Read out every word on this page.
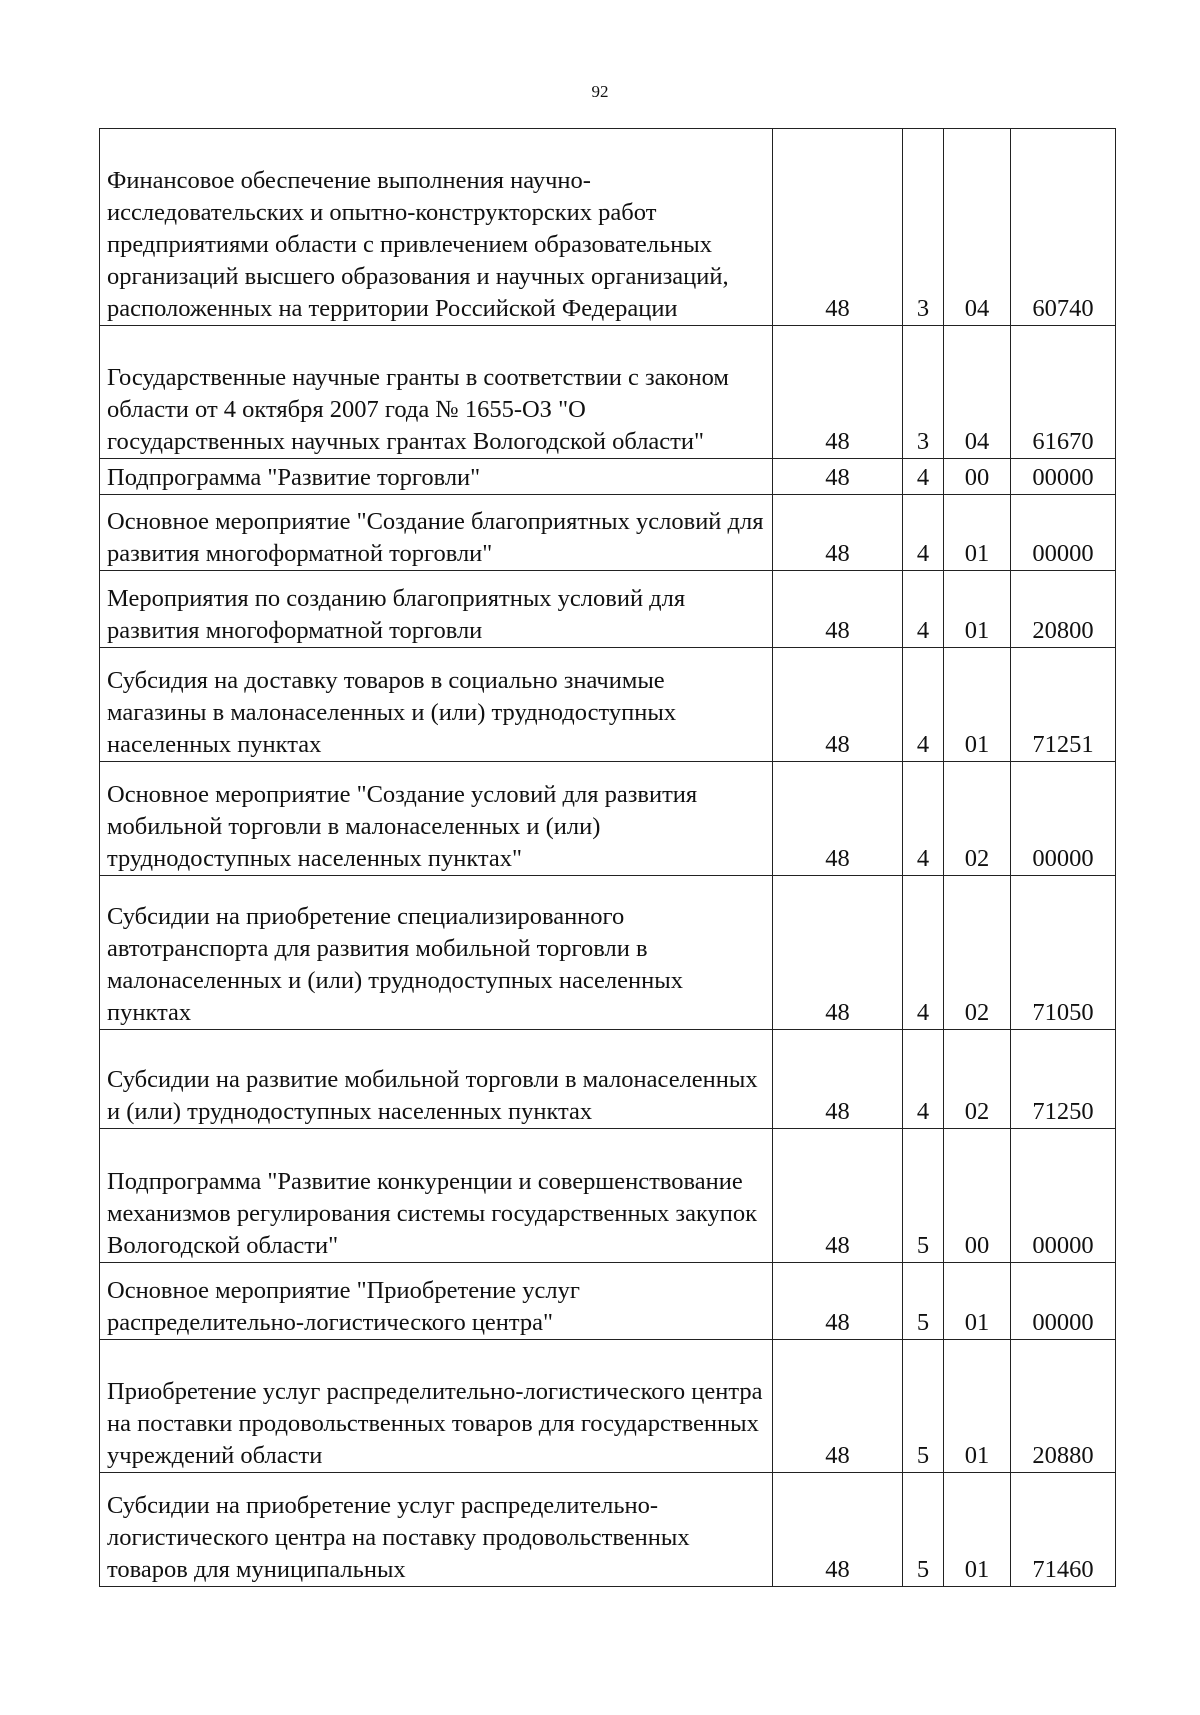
92
Финансовое обеспечение выполнения научно-исследовательских и опытно-конструкторских работ предприятиями области с привлечением образовательных организаций высшего образования и научных организаций, расположенных на территории Российской Федерации	48	3	04	60740
Государственные научные гранты в соответствии с законом области от 4 октября 2007 года № 1655-ОЗ "О государственных научных грантах Вологодской области"	48	3	04	61670
Подпрограмма "Развитие торговли"	48	4	00	00000
Основное мероприятие "Создание благоприятных условий для развития многоформатной торговли"	48	4	01	00000
Мероприятия по созданию благоприятных условий для развития многоформатной торговли	48	4	01	20800
Субсидия на доставку товаров в социально значимые магазины в малонаселенных и (или) труднодоступных населенных пунктах	48	4	01	71251
Основное мероприятие "Создание условий для развития мобильной торговли в малонаселенных и (или) труднодоступных населенных пунктах"	48	4	02	00000
Субсидии на приобретение специализированного автотранспорта для развития мобильной торговли в малонаселенных и (или) труднодоступных населенных пунктах	48	4	02	71050
Субсидии на развитие мобильной торговли в малонаселенных и (или) труднодоступных населенных пунктах	48	4	02	71250
Подпрограмма "Развитие конкуренции и совершенствование механизмов регулирования системы государственных закупок Вологодской области"	48	5	00	00000
Основное мероприятие "Приобретение услуг распределительно-логистического центра"	48	5	01	00000
Приобретение услуг распределительно-логистического центра на поставки продовольственных товаров для государственных учреждений области	48	5	01	20880
Субсидии на приобретение услуг распределительно-логистического центра на поставку продовольственных товаров для муниципальных	48	5	01	71460
